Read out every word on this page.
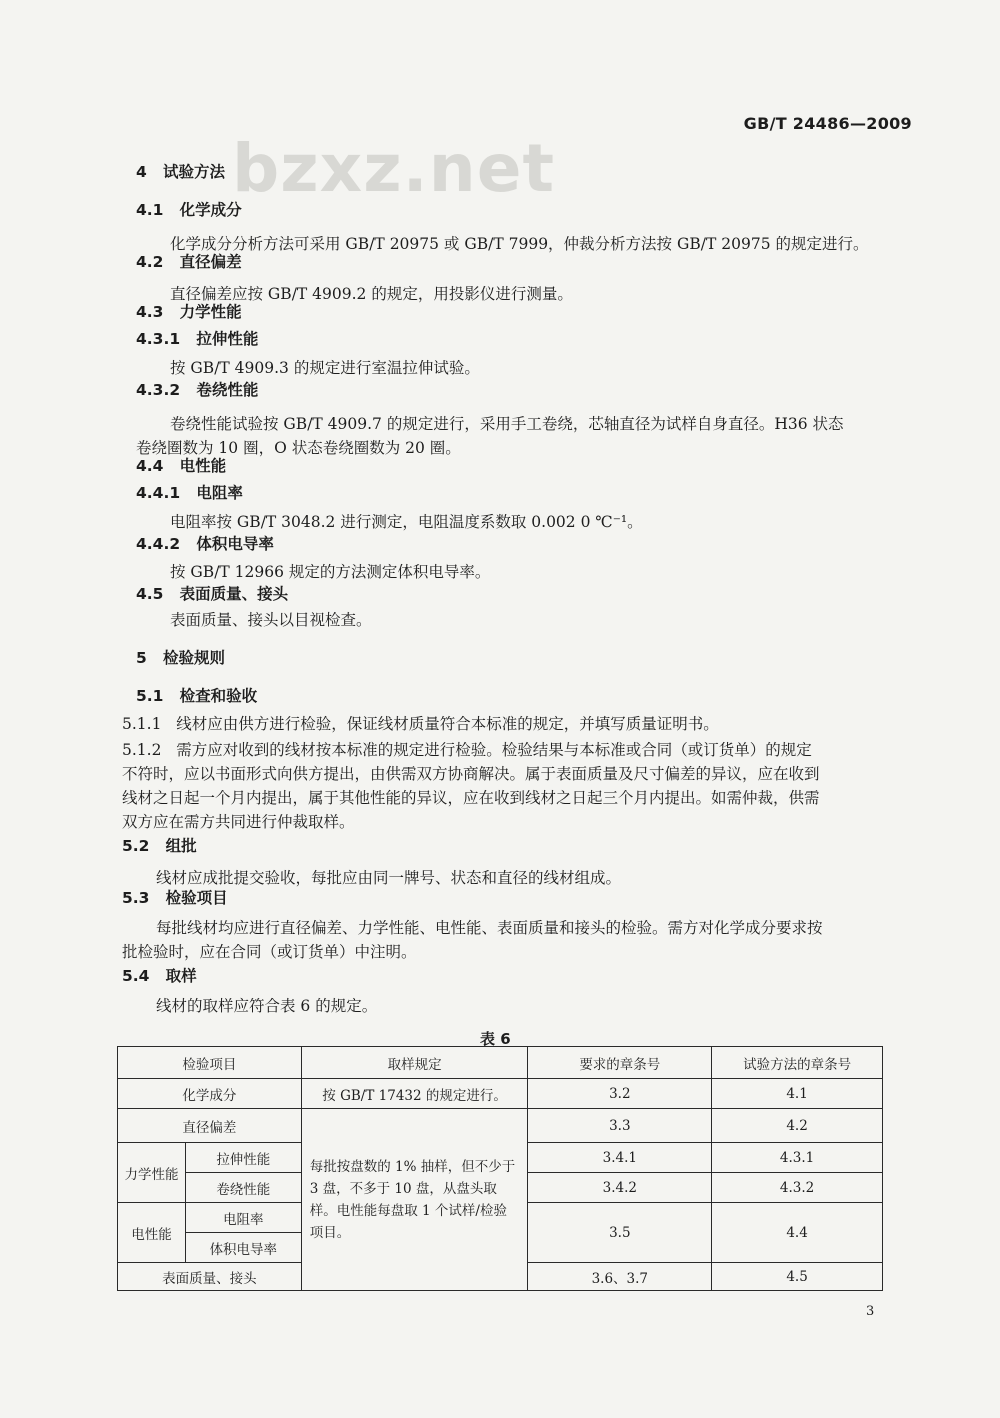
GB/T 24486—2009
bzxz.net
4 试验方法
4.1 化学成分
化学成分分析方法可采用 GB/T 20975 或 GB/T 7999，仲裁分析方法按 GB/T 20975 的规定进行。
4.2 直径偏差
直径偏差应按 GB/T 4909.2 的规定，用投影仪进行测量。
4.3 力学性能
4.3.1 拉伸性能
按 GB/T 4909.3 的规定进行室温拉伸试验。
4.3.2 卷绕性能
卷绕性能试验按 GB/T 4909.7 的规定进行，采用手工卷绕，芯轴直径为试样自身直径。H36 状态
卷绕圈数为 10 圈，O 状态卷绕圈数为 20 圈。
4.4 电性能
4.4.1 电阻率
电阻率按 GB/T 3048.2 进行测定，电阻温度系数取 0.002 0 ℃⁻¹。
4.4.2 体积电导率
按 GB/T 12966 规定的方法测定体积电导率。
4.5 表面质量、接头
表面质量、接头以目视检查。
5 检验规则
5.1 检查和验收
5.1.1 线材应由供方进行检验，保证线材质量符合本标准的规定，并填写质量证明书。
5.1.2 需方应对收到的线材按本标准的规定进行检验。检验结果与本标准或合同（或订货单）的规定
不符时，应以书面形式向供方提出，由供需双方协商解决。属于表面质量及尺寸偏差的异议，应在收到
线材之日起一个月内提出，属于其他性能的异议，应在收到线材之日起三个月内提出。如需仲裁，供需
双方应在需方共同进行仲裁取样。
5.2 组批
线材应成批提交验收，每批应由同一牌号、状态和直径的线材组成。
5.3 检验项目
每批线材均应进行直径偏差、力学性能、电性能、表面质量和接头的检验。需方对化学成分要求按
批检验时，应在合同（或订货单）中注明。
5.4 取样
线材的取样应符合表 6 的规定。
表 6
检验项目		取样规定	要求的章条号	试验方法的章条号
化学成分		按 GB/T 17432 的规定进行。	3.2	4.1
直径偏差		每批按盘数的 1% 抽样，但不少于 3 盘，不多于 10 盘，从盘头取样。电性能每盘取 1 个试样/检验项目。	3.3	4.2
力学性能	拉伸性能		3.4.1	4.3.1
	卷绕性能		3.4.2	4.3.2
电性能	电阻率		3.5	4.4
	体积电导率			
表面质量、接头			3.6、3.7	4.5
3
